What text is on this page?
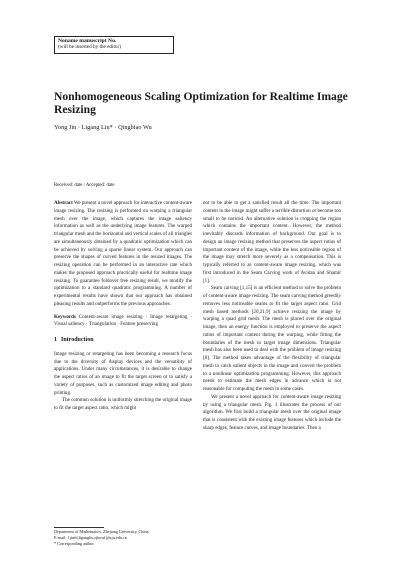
Noname manuscript No.
(will be inserted by the editor)
Nonhomogeneous Scaling Optimization for Realtime Image Resizing
Yong Jin · Ligang Liu* · Qingbiao Wu
Received: date / Accepted: date

Abstract We present a novel approach for interactive content-aware image resizing. The resizing is performed on warping a triangular mesh over the image, which captures the image saliency information as well as the underlying image features. The warped triangular mesh and the horizontal and vertical scales of all triangles are simultaneously obtained by a quadratic optimization which can be achieved by solving a sparse linear system. Our approach can preserve the shapes of curved features in the resized images. The resizing operation can be performed in an interactive rate which makes the proposed approach practically useful for realtime image resizing. To guarantee foldover free resizing result, we modify the optimization to a standard quadratic programming. A number of experimental results have shown that our approach has obtained pleasing results and outperforms the previous approaches.

Keywords Content-aware image resizing · Image retargeting · Visual saliency · Triangulation · Feature preserving

1 Introduction

Image resizing or retargeting has been becoming a research focus due to the diversity of display devices and the versatility of applications. Under many circumstances, it is desirable to change the aspect ratios of an image to fit the target screen or to satisfy a variety of purposes, such as customized image editing and photo printing.

The common solution is uniformly stretching the original image to fit the target aspect ratio, which might

not to be able to get a satisfied result all the time. The important content in the image might suffer a terrible distortion or become too small to be noticed. An alternative solution is cropping the region which contains the important content. However, the method inevitably discards information of background. Our goal is to design an image resizing method that preserves the aspect ratios of important content of the image, while the less noticeable region of the image may stretch more severely as a compensation. This is typically referred to as content-aware image resizing, which was first introduced in the Seam Carving work of Avidan and Shamir [1].

Seam carving [1,15] is an efficient method to solve the problem of content-aware image resizing. The seam carving method greedily removes less noticeable seams to fit the target aspect ratio. Grid mesh based methods [20,21,9] achieve resizing the image by warping a quad grid mesh. The mesh is placed over the original image, then an energy function is employed to preserve the aspect ratios of important content during the warping, while fitting the boundaries of the mesh to target image dimensions. Triangular mesh has also been used to deal with the problem of image resizing [8]. The method takes advantage of the flexibility of triangular mesh to catch salient objects in the image and convert the problem to a nonlinear optimization programming. However, this approach needs to estimate the mesh edges in advance which is not reasonable for computing the mesh in some cases.

We present a novel approach for content-aware image resizing by using a triangular mesh. Fig. 1 illustrates the process of our algorithm. We first build a triangular mesh over the original image that is consistent with the existing image features which include the sharp edges, feature curves, and image boundaries. Then a

Department of Mathematics, Zhejiang University, China.
E-mail: {jinfd,ligangliu,qbwu}@zju.edu.cn
* Corresponding author.
